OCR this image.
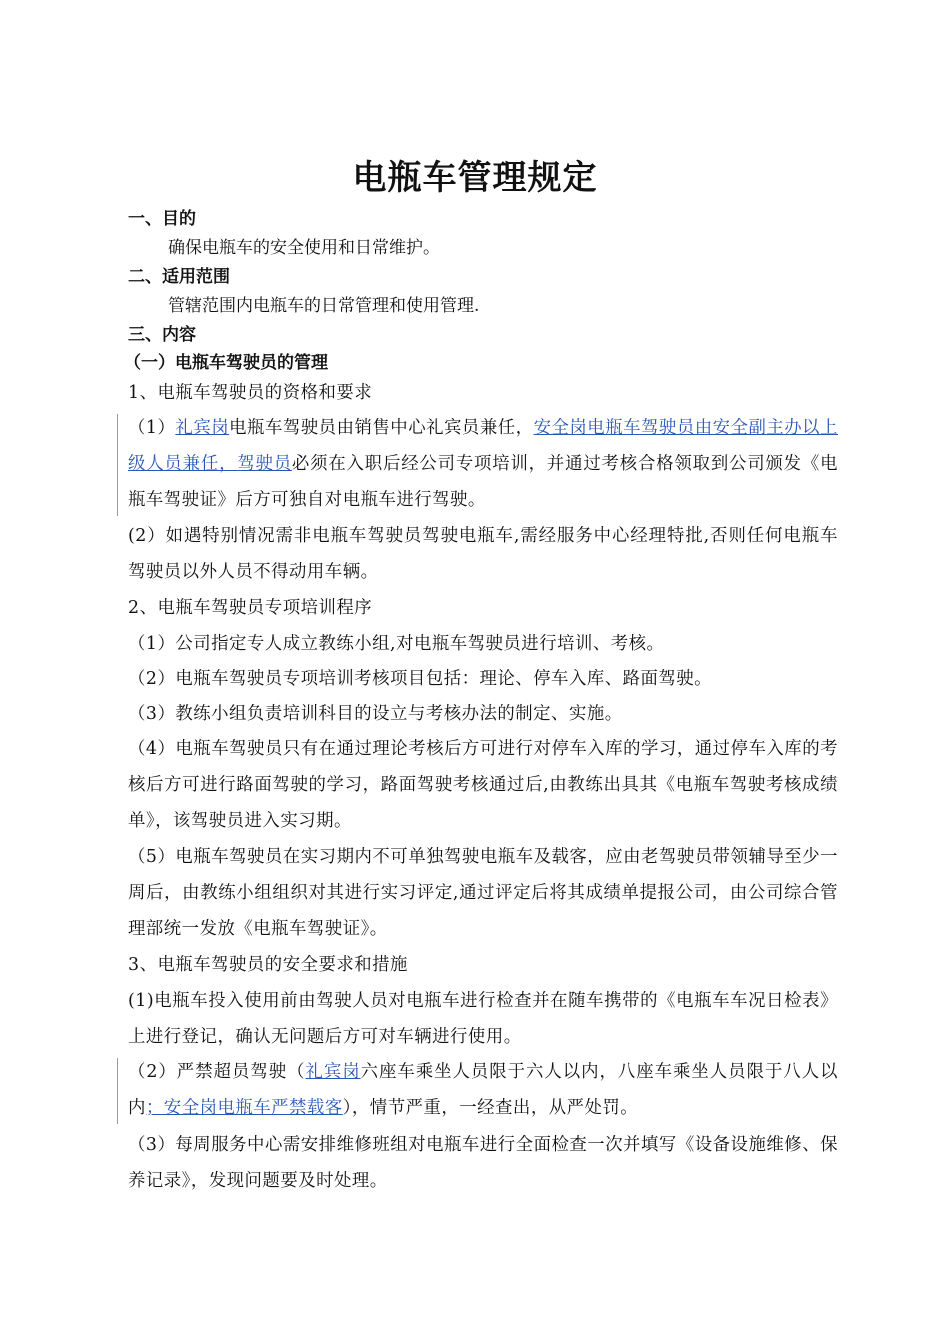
电瓶车管理规定
一、目的
确保电瓶车的安全使用和日常维护。
二、适用范围
管辖范围内电瓶车的日常管理和使用管理.
三、内容
（一）电瓶车驾驶员的管理
1、电瓶车驾驶员的资格和要求
（1）礼宾岗电瓶车驾驶员由销售中心礼宾员兼任，安全岗电瓶车驾驶员由安全副主办以上级人员兼任，驾驶员必须在入职后经公司专项培训，并通过考核合格领取到公司颁发《电瓶车驾驶证》后方可独自对电瓶车进行驾驶。
(2）如遇特别情况需非电瓶车驾驶员驾驶电瓶车,需经服务中心经理特批,否则任何电瓶车驾驶员以外人员不得动用车辆。
2、电瓶车驾驶员专项培训程序
（1）公司指定专人成立教练小组,对电瓶车驾驶员进行培训、考核。
（2）电瓶车驾驶员专项培训考核项目包括：理论、停车入库、路面驾驶。
（3）教练小组负责培训科目的设立与考核办法的制定、实施。
（4）电瓶车驾驶员只有在通过理论考核后方可进行对停车入库的学习，通过停车入库的考核后方可进行路面驾驶的学习，路面驾驶考核通过后,由教练出具其《电瓶车驾驶考核成绩单》，该驾驶员进入实习期。
（5）电瓶车驾驶员在实习期内不可单独驾驶电瓶车及载客，应由老驾驶员带领辅导至少一周后，由教练小组组织对其进行实习评定,通过评定后将其成绩单提报公司，由公司综合管理部统一发放《电瓶车驾驶证》。
3、电瓶车驾驶员的安全要求和措施
(1)电瓶车投入使用前由驾驶人员对电瓶车进行检查并在随车携带的《电瓶车车况日检表》上进行登记，确认无问题后方可对车辆进行使用。
（2）严禁超员驾驶（礼宾岗六座车乘坐人员限于六人以内，八座车乘坐人员限于八人以内；安全岗电瓶车严禁载客），情节严重，一经查出，从严处罚。
（3）每周服务中心需安排维修班组对电瓶车进行全面检查一次并填写《设备设施维修、保养记录》，发现问题要及时处理。
